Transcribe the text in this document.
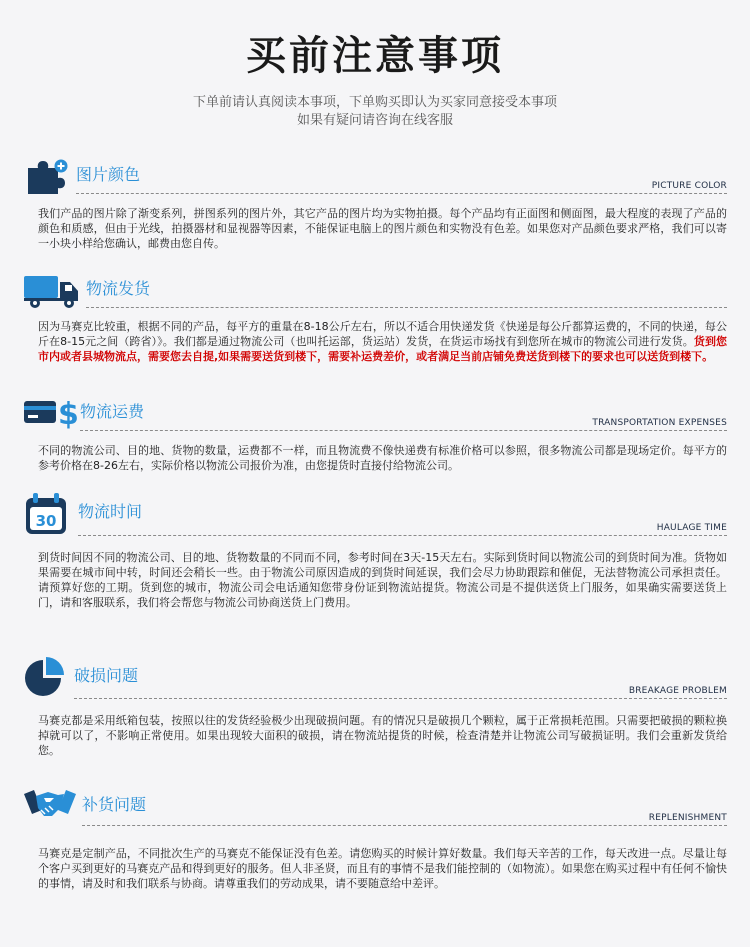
买前注意事项
下单前请认真阅读本事项，下单购买即认为买家同意接受本事项
如果有疑问请咨询在线客服
图片颜色
PICTURE COLOR
我们产品的图片除了渐变系列，拼图系列的图片外，其它产品的图片均为实物拍摄。每个产品均有正面图和侧面图，最大程度的表现了产品的颜色和质感，但由于光线，拍摄器材和显视器等因素，不能保证电脑上的图片颜色和实物没有色差。如果您对产品颜色要求严格，我们可以寄一小块小样给您确认，邮费由您自传。
物流发货
因为马赛克比较重，根据不同的产品，每平方的重量在8-18公斤左右，所以不适合用快递发货《快递是每公斤都算运费的，不同的快递，每公斤在8-15元之间（跨省）》。我们都是通过物流公司（也叫托运部，货运站）发货，在货运市场找有到您所在城市的物流公司进行发货。货到您市内或者县城物流点，需要您去自提,如果需要送货到楼下，需要补运费差价，或者满足当前店铺免费送货到楼下的要求也可以送货到楼下。
$ 物流运费
TRANSPORTATION EXPENSES
不同的物流公司、目的地、货物的数量，运费都不一样，而且物流费不像快递费有标准价格可以参照，很多物流公司都是现场定价。每平方的参考价格在8-26左右，实际价格以物流公司报价为准，由您提货时直接付给物流公司。
30 物流时间
HAULAGE TIME
到货时间因不同的物流公司、目的地、货物数量的不同而不同，参考时间在3天-15天左右。实际到货时间以物流公司的到货时间为准。货物如果需要在城市间中转，时间还会稍长一些。由于物流公司原因造成的到货时间延误，我们会尽力协助跟踪和催促，无法替物流公司承担责任。请预算好您的工期。货到您的城市，物流公司会电话通知您带身份证到物流站提货。物流公司是不提供送货上门服务，如果确实需要送货上门，请和客服联系，我们将会帮您与物流公司协商送货上门费用。
破损问题
BREAKAGE PROBLEM
马赛克都是采用纸箱包装，按照以往的发货经验极少出现破损问题。有的情况只是破损几个颗粒，属于正常损耗范围。只需要把破损的颗粒换掉就可以了，不影响正常使用。如果出现较大面积的破损，请在物流站提货的时候，检查清楚并让物流公司写破损证明。我们会重新发货给您。
补货问题
REPLENISHMENT
马赛克是定制产品，不同批次生产的马赛克不能保证没有色差。请您购买的时候计算好数量。我们每天辛苦的工作，每天改进一点。尽量让每个客户买到更好的马赛克产品和得到更好的服务。但人非圣贤，而且有的事情不是我们能控制的（如物流）。如果您在购买过程中有任何不愉快的事情，请及时和我们联系与协商。请尊重我们的劳动成果，请不要随意给中差评。
